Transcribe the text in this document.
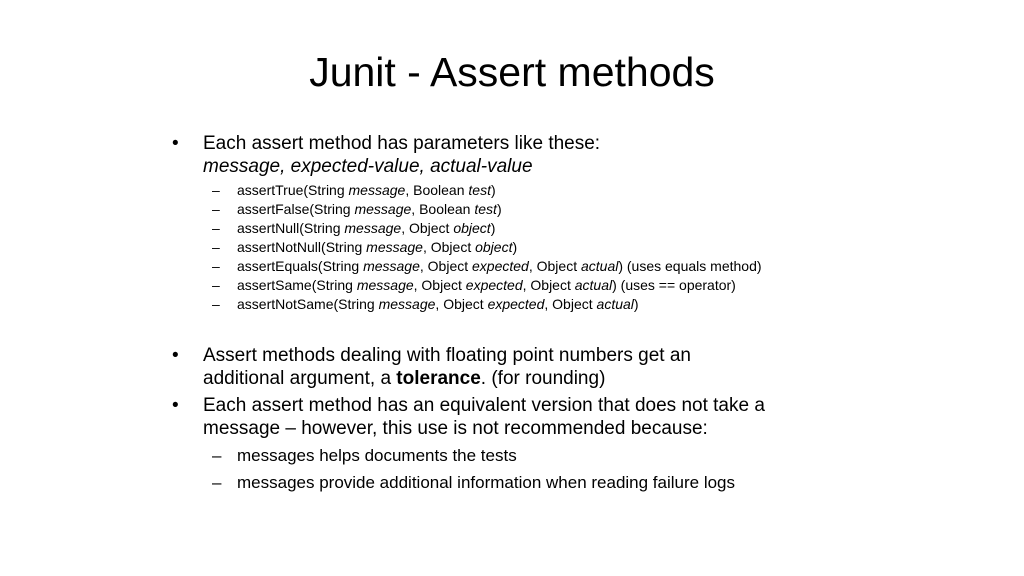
Junit - Assert methods
• Each assert method has parameters like these:
message, expected-value, actual-value
– assertTrue(String message, Boolean test)
– assertFalse(String message, Boolean test)
– assertNull(String message, Object object)
– assertNotNull(String message, Object object)
– assertEquals(String message, Object expected, Object actual) (uses equals method)
– assertSame(String message, Object expected, Object actual) (uses == operator)
– assertNotSame(String message, Object expected, Object actual)
• Assert methods dealing with floating point numbers get an
additional argument, a tolerance. (for rounding)
• Each assert method has an equivalent version that does not take a
message – however, this use is not recommended because:
– messages helps documents the tests
– messages provide additional information when reading failure logs
